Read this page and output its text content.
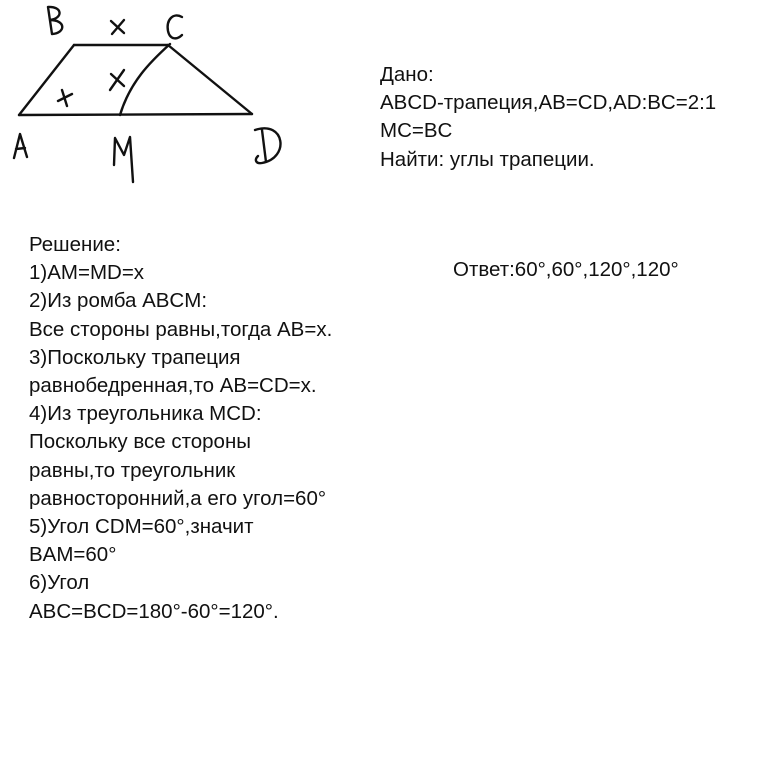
Дано:
ABCD-трапеция,AB=CD,AD:BC=2:1
MC=BC
Найти: углы трапеции.
Решение:
1)AM=MD=x
2)Из ромба ABCM:
Все стороны равны,тогда AB=x.
3)Поскольку трапеция
равнобедренная,то AB=CD=x.
4)Из треугольника MCD:
Поскольку все стороны
равны,то треугольник
равносторонний,а его угол=60°
5)Угол CDM=60°,значит
BAM=60°
6)Угол
ABC=BCD=180°-60°=120°.
Ответ:60°,60°,120°,120°
